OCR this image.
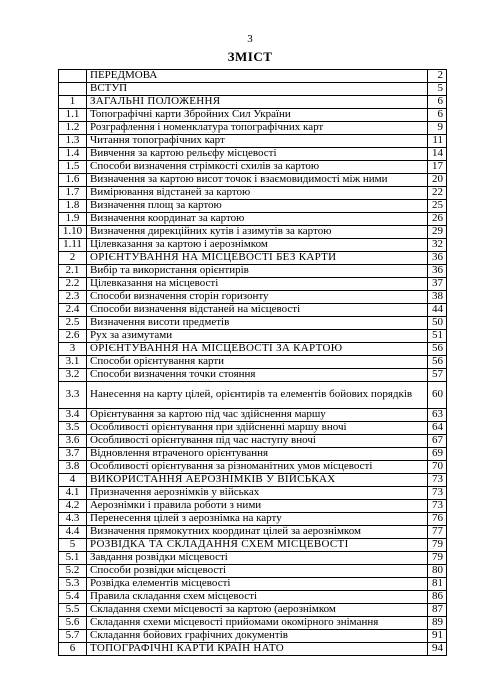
3
ЗМІСТ
	ПЕРЕДМОВА	2
	ВСТУП	5
1	ЗАГАЛЬНІ ПОЛОЖЕННЯ	6
1.1	Топографічні карти Збройних Сил України	6
1.2	Розграфлення і номенклатура топографічних карт	9
1.3	Читання топографічних карт	11
1.4	Вивчення за картою рельєфу місцевості	14
1.5	Способи визначення стрімкості схилів за картою	17
1.6	Визначення за картою висот точок і взаємовидимості між ними	20
1.7	Вимірювання відстаней за картою	22
1.8	Визначення площ за картою	25
1.9	Визначення координат за картою	26
1.10	Визначення дирекційних кутів і азимутів за картою	29
1.11	Цілевказання за картою і аерознімком	32
2	ОРІЄНТУВАННЯ НА МІСЦЕВОСТІ БЕЗ КАРТИ	36
2.1	Вибір та використання орієнтирів	36
2.2	Цілевказання на місцевості	37
2.3	Способи визначення сторін горизонту	38
2.4	Способи визначення відстаней на місцевості	44
2.5	Визначення висоти предметів	50
2.6	Рух за азимутами	51
3	ОРІЄНТУВАННЯ НА МІСЦЕВОСТІ ЗА КАРТОЮ	56
3.1	Способи орієнтування карти	56
3.2	Способи визначення точки стояння	57
3.3	Нанесення на карту цілей, орієнтирів та елементів бойових порядків	60
3.4	Орієнтування за картою під час здійснення маршу	63
3.5	Особливості орієнтування при здійсненні маршу вночі	64
3.6	Особливості орієнтування під час наступу вночі	67
3.7	Відновлення втраченого орієнтування	69
3.8	Особливості орієнтування за різноманітних умов місцевості	70
4	ВИКОРИСТАННЯ АЕРОЗНІМКІВ У ВІЙСЬКАХ	73
4.1	Призначення аерознімків у військах	73
4.2	Аерознімки і правила роботи з ними	73
4.3	Перенесення цілей з аерознімка на карту	76
4.4	Визначення прямокутних координат цілей за аерознімком	77
5	РОЗВІДКА ТА СКЛАДАННЯ СХЕМ МІСЦЕВОСТІ	79
5.1	Завдання розвідки місцевості	79
5.2	Способи розвідки місцевості	80
5.3	Розвідка елементів місцевості	81
5.4	Правила складання схем місцевості	86
5.5	Складання схеми місцевості за картою (аерознімком	87
5.6	Складання схеми місцевості прийомами окомірного знімання	89
5.7	Складання бойових графічних документів	91
6	ТОПОГРАФІЧНІ КАРТИ КРАЇН НАТО	94
